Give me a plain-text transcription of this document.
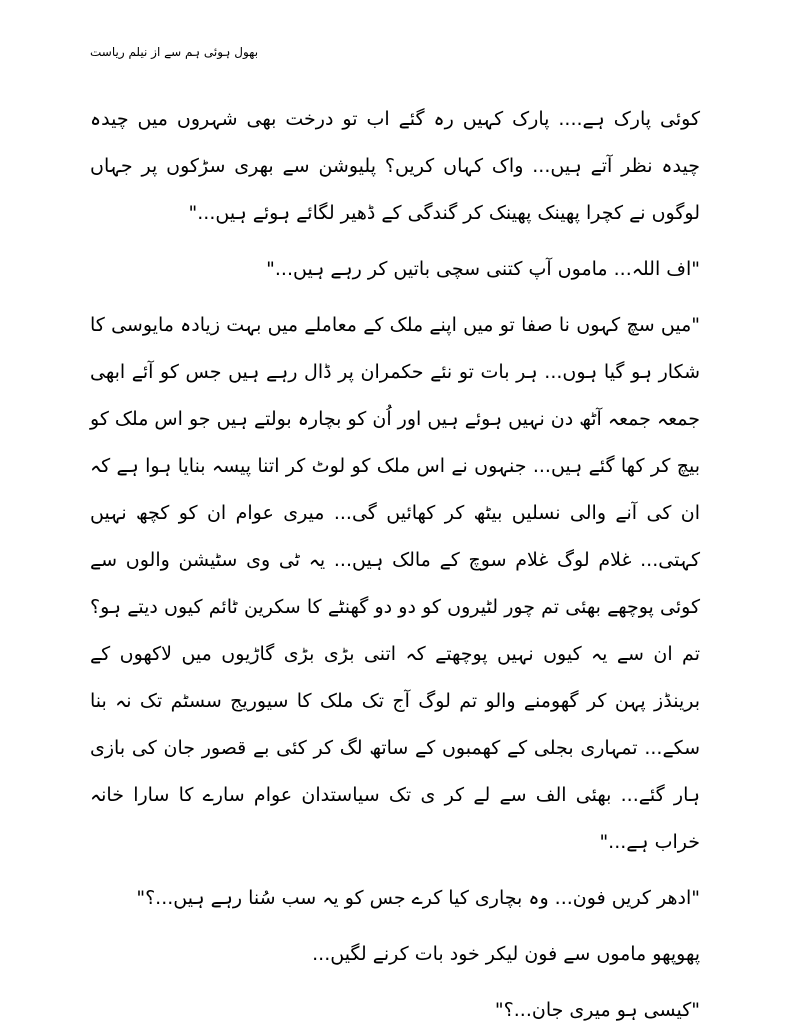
بھول ہوئی ہم سے از نیلم ریاست

کوئی پارک ہے.... پارک کہیں رہ گئے اب تو درخت بھی شہروں میں چیدہ چیدہ نظر آتے ہیں... واک کہاں کریں؟ پلیوشن سے بھری سڑکوں پر جہاں لوگوں نے کچرا پھینک پھینک کر گندگی کے ڈھیر لگائے ہوئے ہیں..."

"اف اللہ... ماموں آپ کتنی سچی باتیں کر رہے ہیں..."

"میں سچ کہوں نا صفا تو میں اپنے ملک کے معاملے میں بہت زیادہ مایوسی کا شکار ہو گیا ہوں... ہر بات تو نئے حکمران پر ڈال رہے ہیں جس کو آئے ابھی جمعہ جمعہ آٹھ دن نہیں ہوئے ہیں اور اُن کو بچارہ بولتے ہیں جو اس ملک کو بیچ کر کھا گئے ہیں... جنہوں نے اس ملک کو لوٹ کر اتنا پیسہ بنایا ہوا ہے کہ ان کی آنے والی نسلیں بیٹھ کر کھائیں گی... میری عوام ان کو کچھ نہیں کہتی... غلام لوگ غلام سوچ کے مالک ہیں... یہ ٹی وی سٹیشن والوں سے کوئی پوچھے بھئی تم چور لٹیروں کو دو دو گھنٹے کا سکرین ٹائم کیوں دیتے ہو؟ تم ان سے یہ کیوں نہیں پوچھتے کہ اتنی بڑی بڑی گاڑیوں میں لاکھوں کے برینڈز پہن کر گھومنے والو تم لوگ آج تک ملک کا سیوریج سسٹم تک نہ بنا سکے... تمہاری بجلی کے کھمبوں کے ساتھ لگ کر کئی بے قصور جان کی بازی ہار گئے... بھئی الف سے لے کر ی تک سیاستدان عوام سارے کا سارا خانہ خراب ہے..."

"ادھر کریں فون... وہ بچاری کیا کرے جس کو یہ سب سُنا رہے ہیں...؟"

پھوپھو ماموں سے فون لیکر خود بات کرنے لگیں...

"کیسی ہو میری جان...؟"
